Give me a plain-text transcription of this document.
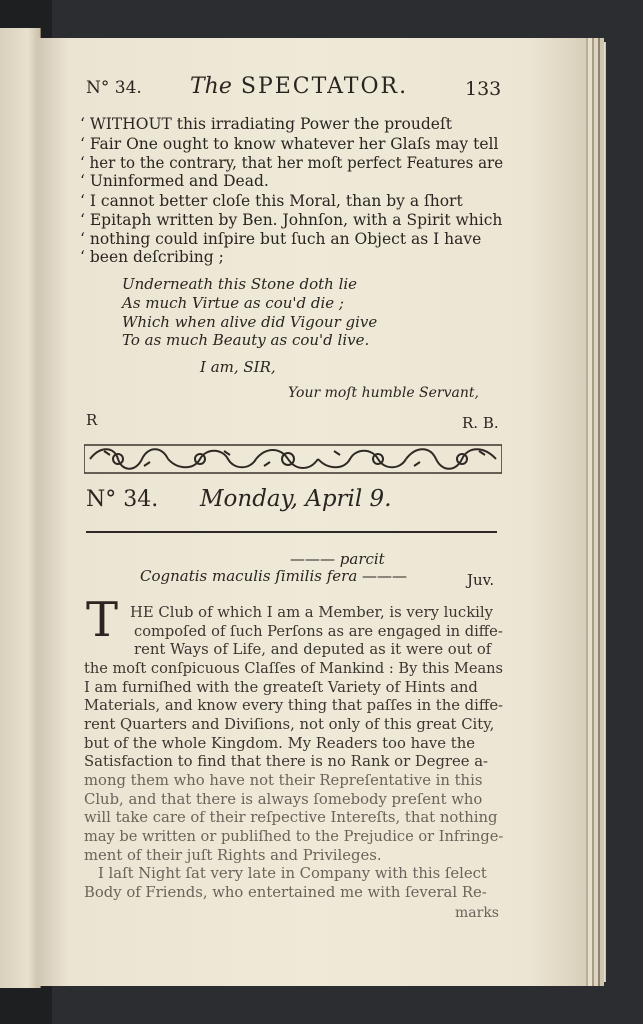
N° 34. The SPECTATOR.	133
‘ WITHOUT this irradiating Power the proudeſt
‘ Fair One ought to know whatever her Glaſs may tell
‘ her to the contrary, that her moſt perfect Features are
‘ Uninformed and Dead.
‘ I cannot better cloſe this Moral, than by a ſhort
‘ Epitaph written by Ben. Johnſon, with a Spirit which
‘ nothing could inſpire but ſuch an Object as I have
‘ been deſcribing ;
Underneath this Stone doth lie
As much Virtue as cou'd die ;
Which when alive did Vigour give
To as much Beauty as cou'd live.
I am, SIR,
Your moſt humble Servant,
R	R. B.
N° 34. Monday, April 9.
——— parcit
Cognatis maculis ſimilis fera ———	Juv.
T HE Club of which I am a Member, is very luckily
compoſed of ſuch Perſons as are engaged in diffe-
rent Ways of Life, and deputed as it were out of
the moſt conſpicuous Claſſes of Mankind : By this Means
I am furniſhed with the greateſt Variety of Hints and
Materials, and know every thing that paſſes in the diffe-
rent Quarters and Diviſions, not only of this great City,
but of the whole Kingdom. My Readers too have the
Satisfaction to find that there is no Rank or Degree a-
mong them who have not their Repreſentative in this
Club, and that there is always ſomebody preſent who
will take care of their reſpective Intereſts, that nothing
may be written or publiſhed to the Prejudice or Infringe-
ment of their juſt Rights and Privileges.
I laſt Night ſat very late in Company with this ſelect
Body of Friends, who entertained me with ſeveral Re-
marks
